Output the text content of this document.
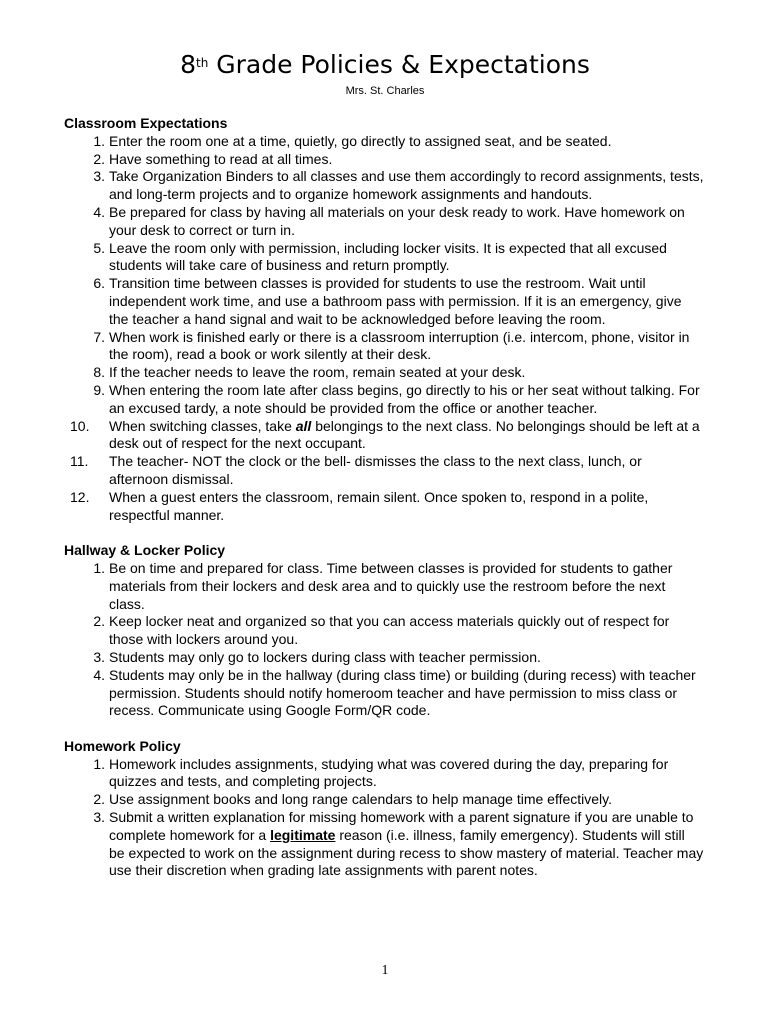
8th Grade Policies & Expectations
Mrs. St. Charles
Classroom Expectations
1. Enter the room one at a time, quietly, go directly to assigned seat, and be seated.
2. Have something to read at all times.
3. Take Organization Binders to all classes and use them accordingly to record assignments, tests, and long-term projects and to organize homework assignments and handouts.
4. Be prepared for class by having all materials on your desk ready to work. Have homework on your desk to correct or turn in.
5. Leave the room only with permission, including locker visits. It is expected that all excused students will take care of business and return promptly.
6. Transition time between classes is provided for students to use the restroom. Wait until independent work time, and use a bathroom pass with permission. If it is an emergency, give the teacher a hand signal and wait to be acknowledged before leaving the room.
7. When work is finished early or there is a classroom interruption (i.e. intercom, phone, visitor in the room), read a book or work silently at their desk.
8. If the teacher needs to leave the room, remain seated at your desk.
9. When entering the room late after class begins, go directly to his or her seat without talking. For an excused tardy, a note should be provided from the office or another teacher.
10.	When switching classes, take all belongings to the next class. No belongings should be left at a desk out of respect for the next occupant.
11.	The teacher- NOT the clock or the bell- dismisses the class to the next class, lunch, or afternoon dismissal.
12.	When a guest enters the classroom, remain silent. Once spoken to, respond in a polite, respectful manner.
Hallway & Locker Policy
1. Be on time and prepared for class. Time between classes is provided for students to gather materials from their lockers and desk area and to quickly use the restroom before the next class.
2. Keep locker neat and organized so that you can access materials quickly out of respect for those with lockers around you.
3. Students may only go to lockers during class with teacher permission.
4. Students may only be in the hallway (during class time) or building (during recess) with teacher permission. Students should notify homeroom teacher and have permission to miss class or recess. Communicate using Google Form/QR code.
Homework Policy
1. Homework includes assignments, studying what was covered during the day, preparing for quizzes and tests, and completing projects.
2. Use assignment books and long range calendars to help manage time effectively.
3. Submit a written explanation for missing homework with a parent signature if you are unable to complete homework for a legitimate reason (i.e. illness, family emergency). Students will still be expected to work on the assignment during recess to show mastery of material. Teacher may use their discretion when grading late assignments with parent notes.
1
